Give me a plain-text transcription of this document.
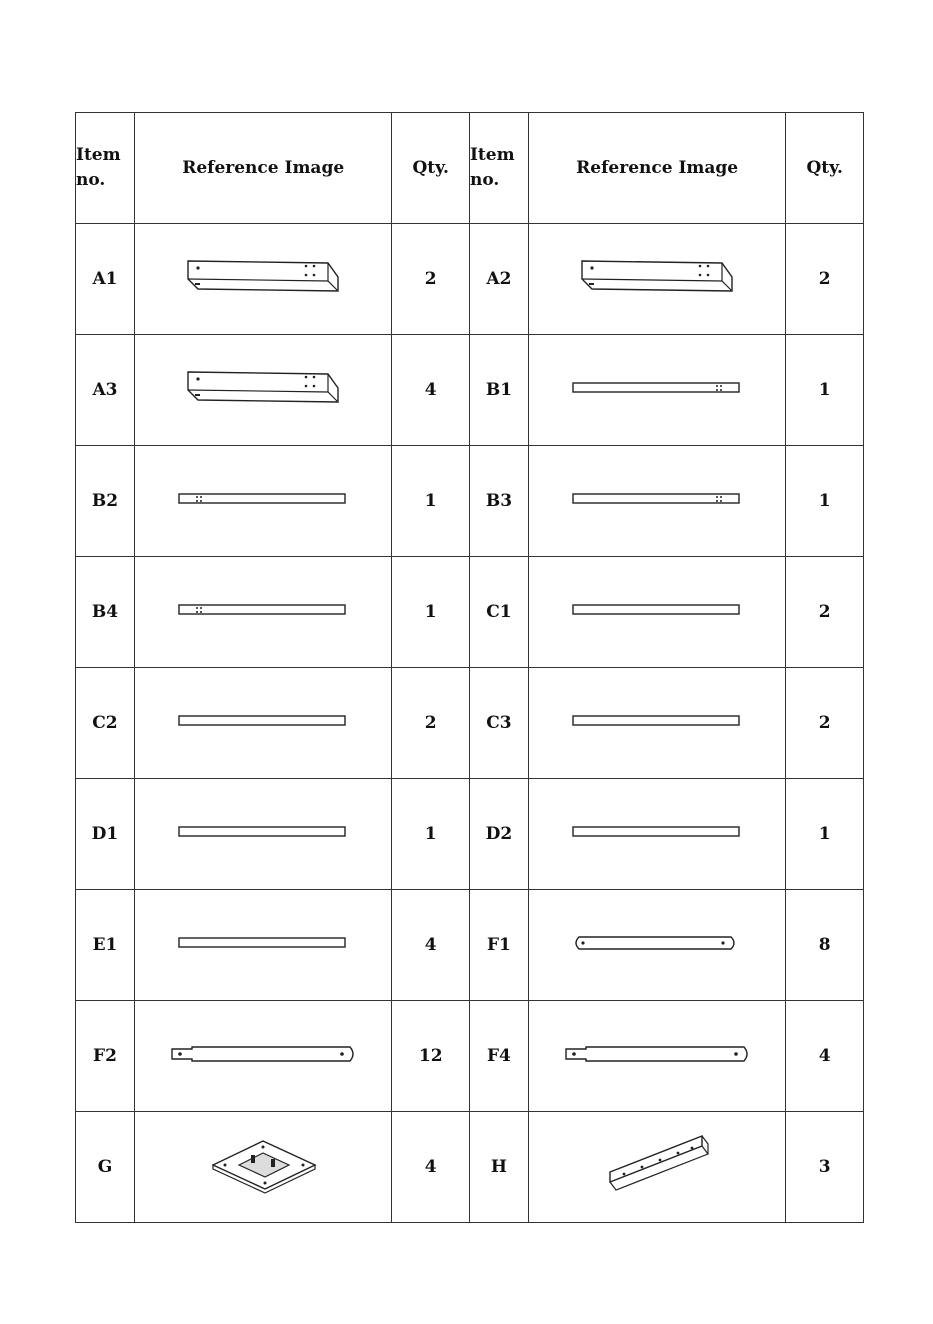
Item
no.	Reference Image	Qty.	Item
no.	Reference Image	Qty.
A1		2	A2		2
A3		4	B1		1
B2		1	B3		1
B4		1	C1		2
C2		2	C3		2
D1		1	D2		1
E1		4	F1		8
F2		12	F4		4
G		4	H		3
